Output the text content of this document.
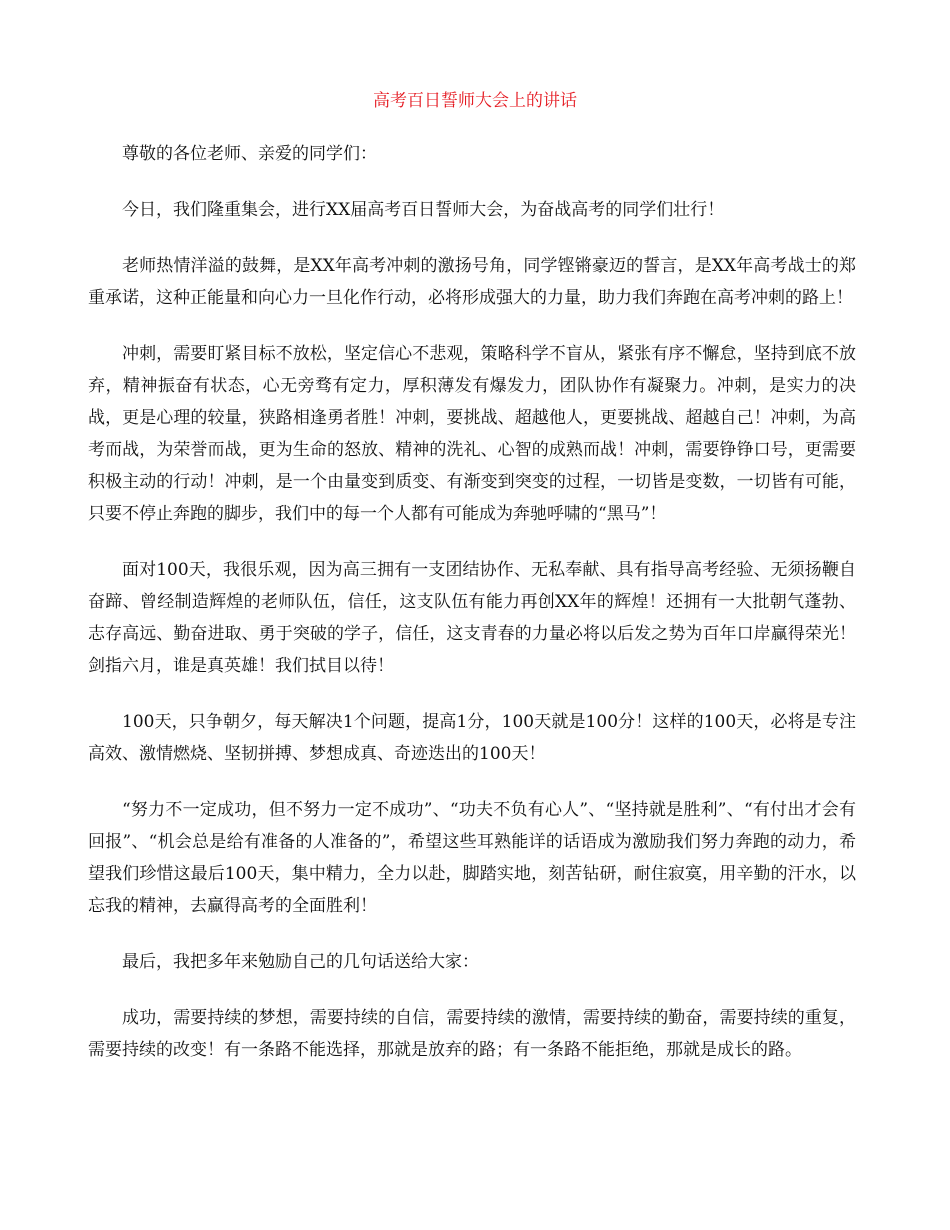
高考百日誓师大会上的讲话

尊敬的各位老师、亲爱的同学们：

今日，我们隆重集会，进行XX届高考百日誓师大会，为奋战高考的同学们壮行！

老师热情洋溢的鼓舞，是XX年高考冲刺的激扬号角，同学铿锵豪迈的誓言，是XX年高考战士的郑重承诺，这种正能量和向心力一旦化作行动，必将形成强大的力量，助力我们奔跑在高考冲刺的路上！

冲刺，需要盯紧目标不放松，坚定信心不悲观，策略科学不盲从，紧张有序不懈怠，坚持到底不放弃，精神振奋有状态，心无旁骛有定力，厚积薄发有爆发力，团队协作有凝聚力。冲刺，是实力的决战，更是心理的较量，狭路相逢勇者胜！冲刺，要挑战、超越他人，更要挑战、超越自己！冲刺，为高考而战，为荣誉而战，更为生命的怒放、精神的洗礼、心智的成熟而战！冲刺，需要铮铮口号，更需要积极主动的行动！冲刺，是一个由量变到质变、有渐变到突变的过程，一切皆是变数，一切皆有可能，只要不停止奔跑的脚步，我们中的每一个人都有可能成为奔驰呼啸的“黑马”！

面对100天，我很乐观，因为高三拥有一支团结协作、无私奉献、具有指导高考经验、无须扬鞭自奋蹄、曾经制造辉煌的老师队伍，信任，这支队伍有能力再创XX年的辉煌！还拥有一大批朝气蓬勃、志存高远、勤奋进取、勇于突破的学子，信任，这支青春的力量必将以后发之势为百年口岸赢得荣光！剑指六月，谁是真英雄！我们拭目以待！

100天，只争朝夕，每天解决1个问题，提高1分，100天就是100分！这样的100天，必将是专注高效、激情燃烧、坚韧拼搏、梦想成真、奇迹迭出的100天！

“努力不一定成功，但不努力一定不成功”、“功夫不负有心人”、“坚持就是胜利”、“有付出才会有回报”、“机会总是给有准备的人准备的”，希望这些耳熟能详的话语成为激励我们努力奔跑的动力，希望我们珍惜这最后100天，集中精力，全力以赴，脚踏实地，刻苦钻研，耐住寂寞，用辛勤的汗水，以忘我的精神，去赢得高考的全面胜利！

最后，我把多年来勉励自己的几句话送给大家：

成功，需要持续的梦想，需要持续的自信，需要持续的激情，需要持续的勤奋，需要持续的重复，需要持续的改变！有一条路不能选择，那就是放弃的路；有一条路不能拒绝，那就是成长的路。
